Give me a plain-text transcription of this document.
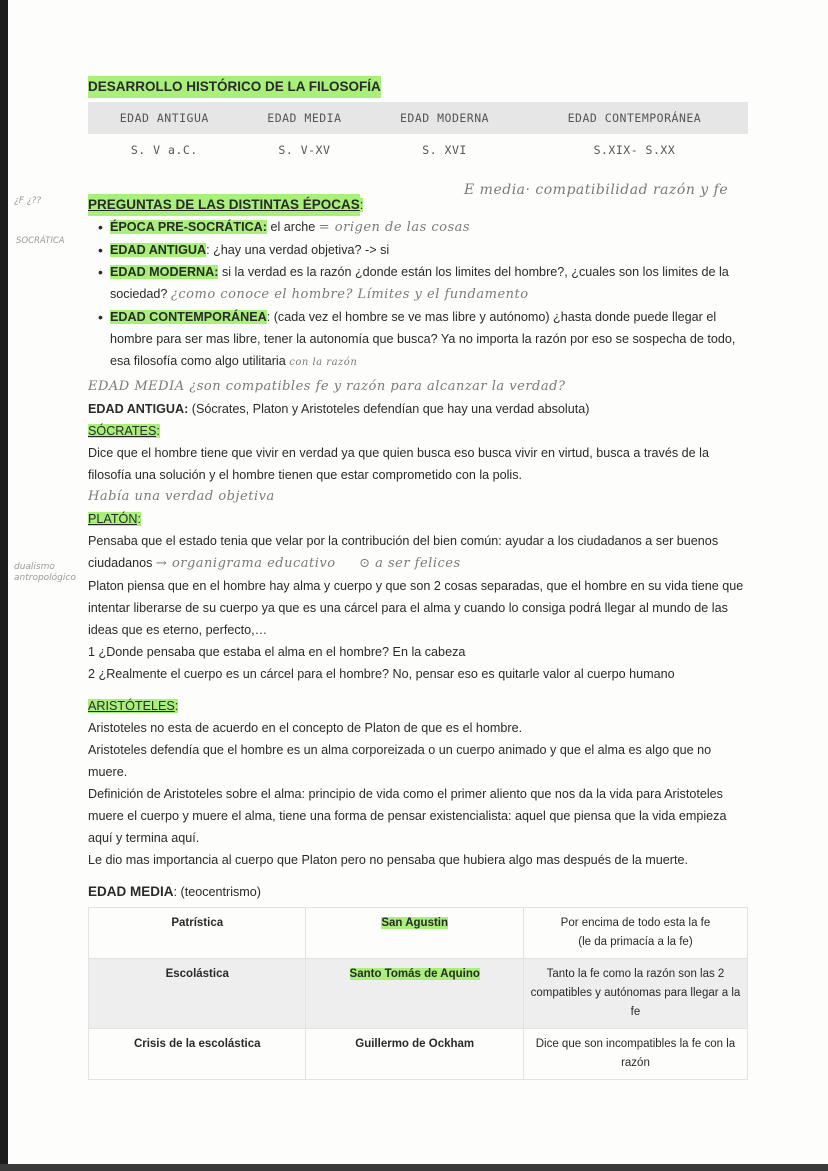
¿F ¿??
SOCRÁTICA
dualismo antropológico
E media· compatibilidad razón y fe
DESARROLLO HISTÓRICO DE LA FILOSOFÍA
EDAD ANTIGUA	EDAD MEDIA	EDAD MODERNA	EDAD CONTEMPORÁNEA
S. V a.C.	S. V-XV	S. XVI	S.XIX- S.XX
PREGUNTAS DE LAS DISTINTAS ÉPOCAS:
• ÉPOCA PRE-SOCRÁTICA: el arche = origen de las cosas
• EDAD ANTIGUA: ¿hay una verdad objetiva? -> si
• EDAD MODERNA: si la verdad es la razón ¿donde están los limites del hombre?, ¿cuales son los limites de la sociedad? ¿como conoce el hombre? Límites y el fundamento
• EDAD CONTEMPORÁNEA: (cada vez el hombre se ve mas libre y autónomo) ¿hasta donde puede llegar el hombre para ser mas libre, tener la autonomía que busca? Ya no importa la razón por eso se sospecha de todo, esa filosofía como algo utilitaria con la razón
EDAD MEDIA ¿son compatibles fe y razón para alcanzar la verdad?

EDAD ANTIGUA: (Sócrates, Platon y Aristoteles defendían que hay una verdad absoluta)

SÓCRATES:

Dice que el hombre tiene que vivir en verdad ya que quien busca eso busca vivir en virtud, busca a través de la filosofía una solución y el hombre tienen que estar comprometido con la polis.

Había una verdad objetiva

PLATÓN:

Pensaba que el estado tenia que velar por la contribución del bien común: ayudar a los ciudadanos a ser buenos ciudadanos → organigrama educativo ⊙ a ser felices

Platon piensa que en el hombre hay alma y cuerpo y que son 2 cosas separadas, que el hombre en su vida tiene que intentar liberarse de su cuerpo ya que es una cárcel para el alma y cuando lo consiga podrá llegar al mundo de las ideas que es eterno, perfecto,…

1 ¿Donde pensaba que estaba el alma en el hombre? En la cabeza

2 ¿Realmente el cuerpo es un cárcel para el hombre? No, pensar eso es quitarle valor al cuerpo humano

ARISTÓTELES:

Aristoteles no esta de acuerdo en el concepto de Platon de que es el hombre.

Aristoteles defendía que el hombre es un alma corporeizada o un cuerpo animado y que el alma es algo que no muere.

Definición de Aristoteles sobre el alma: principio de vida como el primer aliento que nos da la vida para Aristoteles muere el cuerpo y muere el alma, tiene una forma de pensar existencialista: aquel que piensa que la vida empieza aquí y termina aquí.

Le dio mas importancia al cuerpo que Platon pero no pensaba que hubiera algo mas después de la muerte.

EDAD MEDIA: (teocentrismo)

Patrística	San Agustin	Por encima de todo esta la fe
(le da primacía a la fe)
Escolástica	Santo Tomás de Aquino	Tanto la fe como la razón son las 2
compatibles y autónomas para llegar a la fe
Crisis de la escolástica	Guillermo de Ockham	Dice que son incompatibles la fe con la
razón
